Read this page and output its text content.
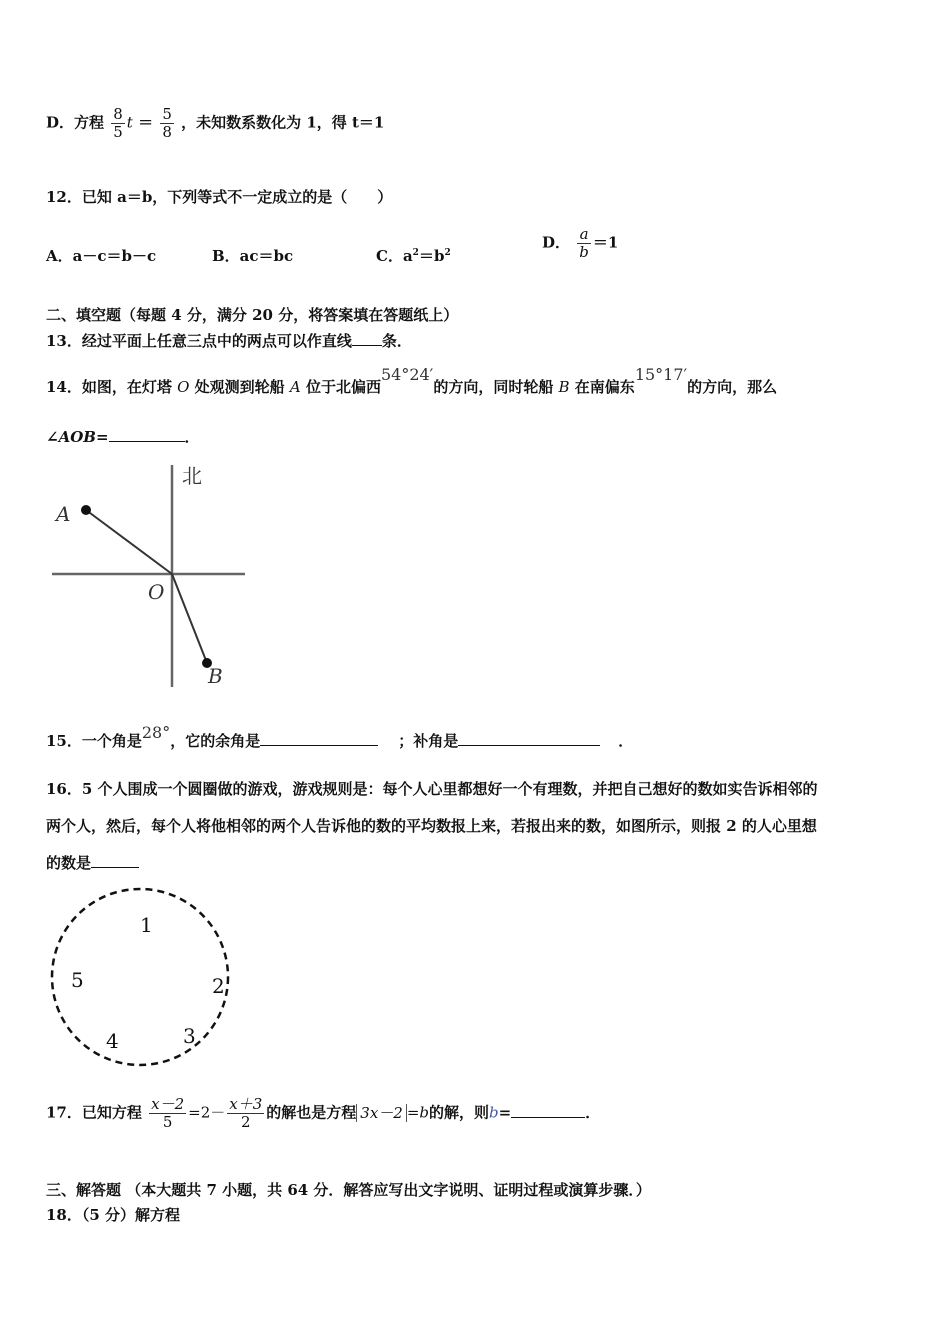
D．方程 $\frac{8}{5}$ $t = \frac{5}{8}$ ，未知数系数化为 1，得 t＝1
12．已知 a＝b，下列等式不一定成立的是（　　）
A．a－c＝b－c	B．ac＝bc	C．$a^2=b^2$
D． $\frac{a}{b} =1$
二、填空题（每题 4 分，满分 20 分，将答案填在答题纸上）
13．经过平面上任意三点中的两点可以作直线 条．
14．如图，在灯塔 O 处观测到轮船 A 位于北偏西54°24′的方向，同时轮船 B 在南偏东15°17′的方向，那么
∠AOB=	．
北
A
O
B
15．一个角是28°，它的余角是	；补角是	．
16．5 个人围成一个圆圈做的游戏，游戏规则是：每个人心里都想好一个有理数，并把自己想好的数如实告诉相邻的
两个人，然后，每个人将他相邻的两个人告诉他的数的平均数报上来，若报出来的数，如图所示，则报 2 的人心里想
的数是
1
2
3
4
5
17．已知方程 $\frac{x-2}{5} =2- \frac{x+3}{2}$ 的解也是方程 3x－2 =b的解，则b=	．
三、解答题 （本大题共 7 小题，共 64 分．解答应写出文字说明、证明过程或演算步骤．）
18．（5 分）解方程
